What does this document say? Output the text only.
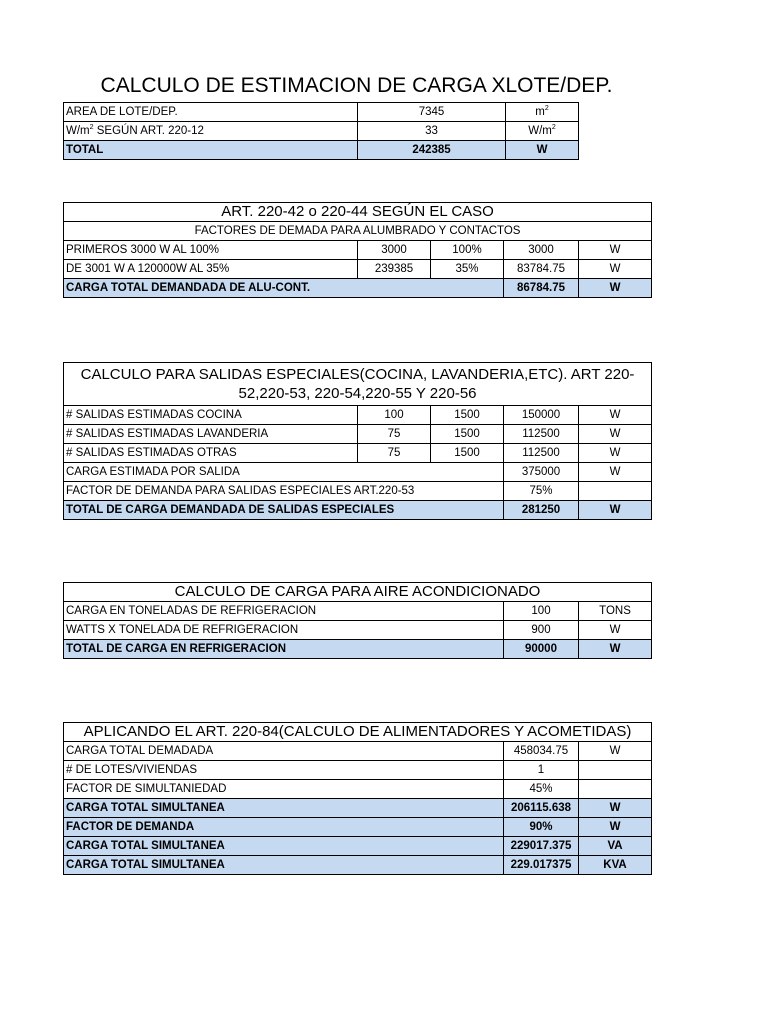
CALCULO DE ESTIMACION DE CARGA XLOTE/DEP.
AREA DE LOTE/DEP.	7345	$m^2$
$W/m^2$ SEGÚN ART. 220-12	33	$W/m^2$
TOTAL	242385	W
ART. 220-42 o 220-44 SEGÚN EL CASO				
FACTORES DE DEMADA PARA ALUMBRADO Y CONTACTOS				
PRIMEROS 3000 W AL 100%	3000	100%	3000	W
DE 3001 W A 120000W AL 35%	239385	35%	83784.75	W
CARGA TOTAL DEMANDADA DE ALU-CONT.			86784.75	W
CALCULO PARA SALIDAS ESPECIALES(COCINA, LAVANDERIA,ETC). ART 220-52,220-53, 220-54,220-55 Y 220-56				
# SALIDAS ESTIMADAS COCINA	100	1500	150000	W
# SALIDAS ESTIMADAS LAVANDERIA	75	1500	112500	W
# SALIDAS ESTIMADAS OTRAS	75	1500	112500	W
CARGA ESTIMADA POR SALIDA			375000	W
FACTOR DE DEMANDA PARA SALIDAS ESPECIALES ART.220-53			75%	
TOTAL DE CARGA DEMANDADA DE SALIDAS ESPECIALES			281250	W
CALCULO DE CARGA PARA AIRE ACONDICIONADO		
CARGA EN TONELADAS DE REFRIGERACION	100	TONS
WATTS X TONELADA DE REFRIGERACION	900	W
TOTAL DE CARGA EN REFRIGERACION	90000	W
APLICANDO EL ART. 220-84(CALCULO DE ALIMENTADORES Y ACOMETIDAS)		
CARGA TOTAL DEMADADA	458034.75	W
# DE LOTES/VIVIENDAS	1	
FACTOR DE SIMULTANIEDAD	45%	
CARGA TOTAL SIMULTANEA	206115.638	W
FACTOR DE DEMANDA	90%	W
CARGA TOTAL SIMULTANEA	229017.375	VA
CARGA TOTAL SIMULTANEA	229.017375	KVA
